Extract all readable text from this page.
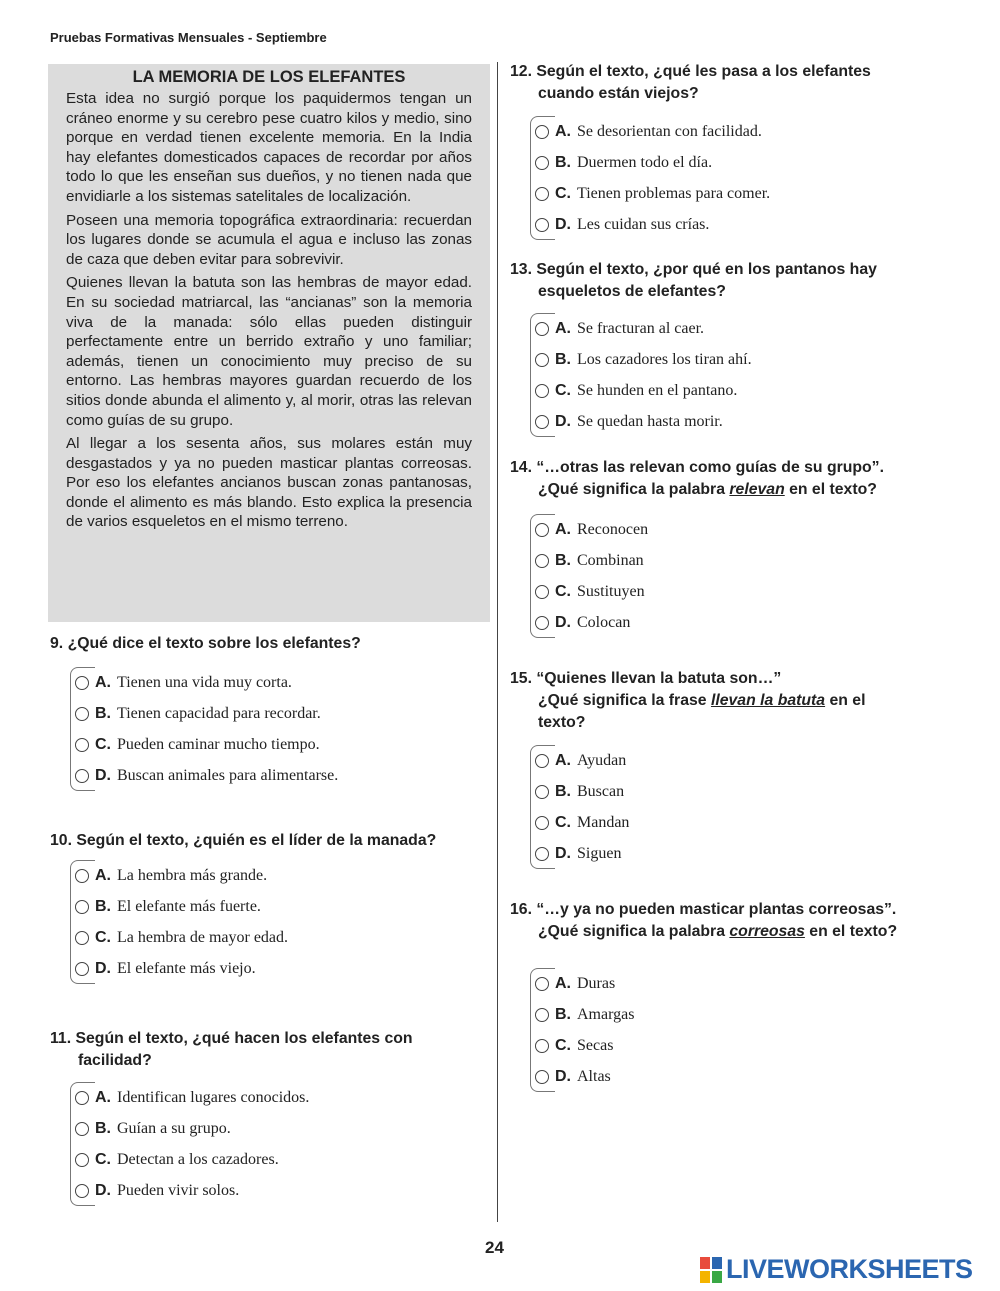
Pruebas Formativas Mensuales - Septiembre
LA MEMORIA DE LOS ELEFANTES

Esta idea no surgió porque los paquidermos tengan un cráneo enorme y su cerebro pese cuatro kilos y medio, sino porque en verdad tienen excelente memoria. En la India hay elefantes domesticados capaces de recordar por años todo lo que les enseñan sus dueños, y no tienen nada que envidiarle a los sistemas satelitales de localización.

Poseen una memoria topográfica extraordinaria: recuerdan los lugares donde se acumula el agua e incluso las zonas de caza que deben evitar para sobrevivir.

Quienes llevan la batuta son las hembras de mayor edad. En su sociedad matriarcal, las “ancianas” son la memoria viva de la manada: sólo ellas pueden distinguir perfectamente entre un berrido extraño y uno familiar; además, tienen un conocimiento muy preciso de su entorno. Las hembras mayores guardan recuerdo de los sitios donde abunda el alimento y, al morir, otras las relevan como guías de su grupo.

Al llegar a los sesenta años, sus molares están muy desgastados y ya no pueden masticar plantas correosas. Por eso los elefantes ancianos buscan zonas pantanosas, donde el alimento es más blando. Esto explica la presencia de varios esqueletos en el mismo terreno.

9. ¿Qué dice el texto sobre los elefantes?

A. Tienen una vida muy corta.
B. Tienen capacidad para recordar.
C. Pueden caminar mucho tiempo.
D. Buscan animales para alimentarse.

10. Según el texto, ¿quién es el líder de la manada?

A. La hembra más grande.
B. El elefante más fuerte.
C. La hembra de mayor edad.
D. El elefante más viejo.

11. Según el texto, ¿qué hacen los elefantes con
facilidad?

A. Identifican lugares conocidos.
B. Guían a su grupo.
C. Detectan a los cazadores.
D. Pueden vivir solos.

12. Según el texto, ¿qué les pasa a los elefantes
cuando están viejos?

A. Se desorientan con facilidad.
B. Duermen todo el día.
C. Tienen problemas para comer.
D. Les cuidan sus crías.

13. Según el texto, ¿por qué en los pantanos hay
esqueletos de elefantes?

A. Se fracturan al caer.
B. Los cazadores los tiran ahí.
C. Se hunden en el pantano.
D. Se quedan hasta morir.

14. “…otras las relevan como guías de su grupo”.
¿Qué significa la palabra relevan en el texto?

A. Reconocen
B. Combinan
C. Sustituyen
D. Colocan

15. “Quienes llevan la batuta son…”
¿Qué significa la frase llevan la batuta en el
texto?

A. Ayudan
B. Buscan
C. Mandan
D. Siguen

16. “…y ya no pueden masticar plantas correosas”.
¿Qué significa la palabra correosas en el texto?

A. Duras
B. Amargas
C. Secas
D. Altas
24
LIVEWORKSHEETS
